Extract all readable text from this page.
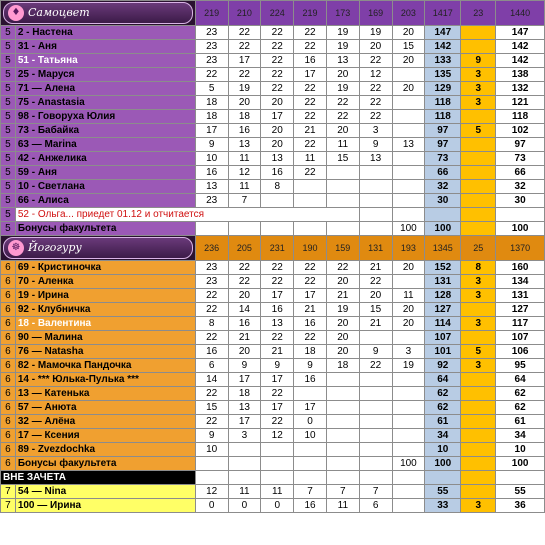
♦ Самоцвет		219	210	224	219	173	169	203	1417	23	1440
5	2 - Настена	23	22	22	22	19	19	20	147		147
5	31 - Аня	23	22	22	22	19	20	15	142		142
5	51 - Татьяна	23	17	22	16	13	22	20	133	9	142
5	25 - Маруся	22	22	22	17	20	12		135	3	138
5	71 — Алена	5	19	22	22	19	22	20	129	3	132
5	75 - Anastasia	18	20	20	22	22	22		118	3	121
5	98 - Говоруха Юлия	18	18	17	22	22	22		118		118
5	73 - Бабайка	17	16	20	21	20	3		97	5	102
5	63 — Marina	9	13	20	22	11	9	13	97		97
5	42 - Анжелика	10	11	13	11	15	13		73		73
5	59 - Аня	16	12	16	22				66		66
5	10 - Светлана	13	11	8					32		32
5	66 - Алиса	23	7						30		30
5	52 - Ольга... приедет 01.12 и отчитается										
5	Бонусы факультета							100	100		100

☸ Йогогуру		236	205	231	190	159	131	193	1345	25	1370
6	69 - Кристиночка	23	22	22	22	22	21	20	152	8	160
6	70 - Аленка	23	22	22	22	20	22		131	3	134
6	19 - Ирина	22	20	17	17	21	20	11	128	3	131
6	92 - Клубничка	22	14	16	21	19	15	20	127		127
6	18 - Валентина	8	16	13	16	20	21	20	114	3	117
6	90 — Малина	22	21	22	22	20			107		107
6	76 — Natasha	16	20	21	18	20	9	3	101	5	106
6	82 - Мамочка Пандочка	6	9	9	9	18	22	19	92	3	95
6	14 - *** Юлька-Пулька ***	14	17	17	16				64		64
6	13 — Катенька	22	18	22					62		62
6	57 — Анюта	15	13	17	17				62		62
6	32 — Алёна	22	17	22	0				61		61
6	17 — Ксения	9	3	12	10				34		34
6	89 - Zvezdochka	10							10		10
6	Бонусы факультета							100	100		100
ВНЕ ЗАЧЕТА											
7	54 — Nina	12	11	11	7	7	7		55		55
7	100 — Ирина	0	0	0	16	11	6		33	3	36
